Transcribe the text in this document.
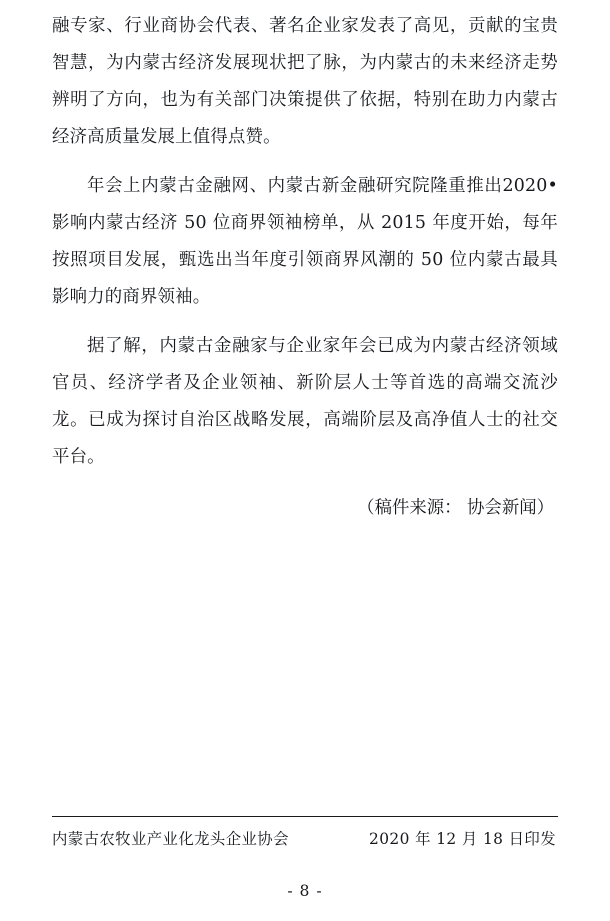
融专家、行业商协会代表、著名企业家发表了高见，贡献的宝贵智慧，为内蒙古经济发展现状把了脉，为内蒙古的未来经济走势辨明了方向，也为有关部门决策提供了依据，特别在助力内蒙古经济高质量发展上值得点赞。

年会上内蒙古金融网、内蒙古新金融研究院隆重推出2020•影响内蒙古经济 50 位商界领袖榜单，从 2015 年度开始，每年按照项目发展，甄选出当年度引领商界风潮的 50 位内蒙古最具影响力的商界领袖。

据了解，内蒙古金融家与企业家年会已成为内蒙古经济领域官员、经济学者及企业领袖、新阶层人士等首选的高端交流沙龙。已成为探讨自治区战略发展，高端阶层及高净值人士的社交平台。

（稿件来源： 协会新闻）
内蒙古农牧业产业化龙头企业协会	2020 年 12 月 18 日印发
- 8 -
